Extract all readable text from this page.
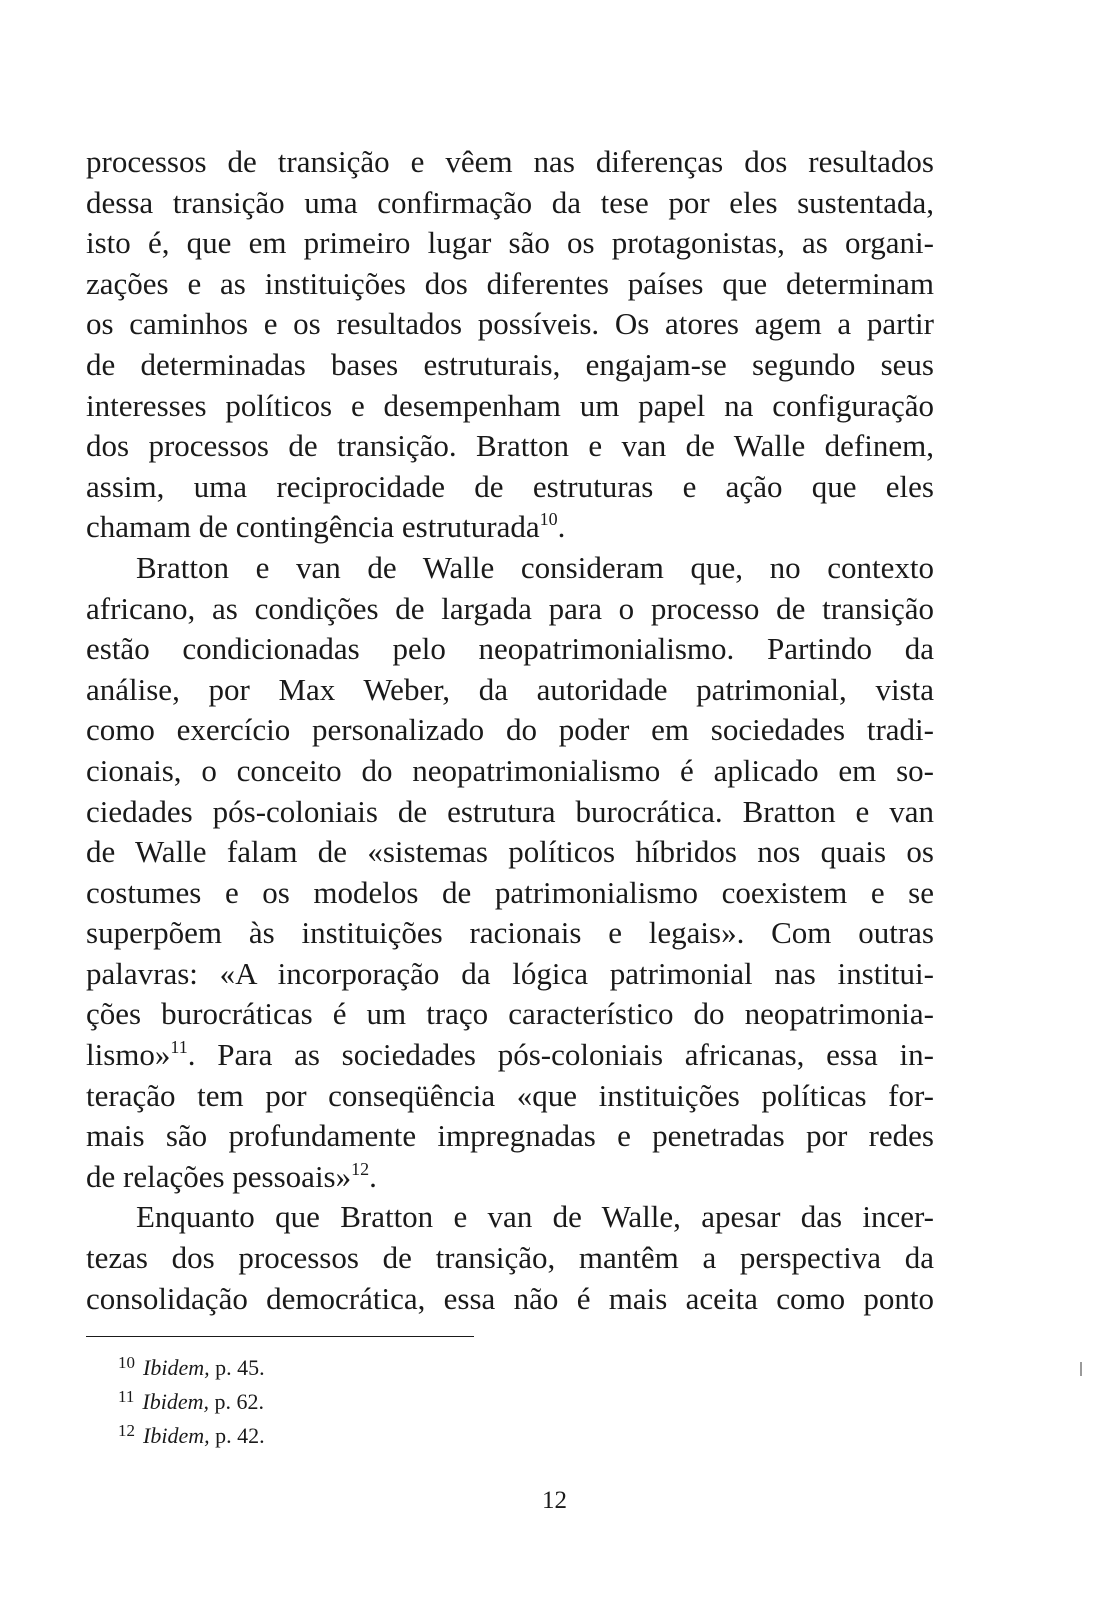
processos de transição e vêem nas diferenças dos resultados
dessa transição uma confirmação da tese por eles sustentada,
isto é, que em primeiro lugar são os protagonistas, as organi-
zações e as instituições dos diferentes países que determinam
os caminhos e os resultados possíveis. Os atores agem a partir
de determinadas bases estruturais, engajam-se segundo seus
interesses políticos e desempenham um papel na configuração
dos processos de transição. Bratton e van de Walle definem,
assim, uma reciprocidade de estruturas e ação que eles
chamam de contingência estruturada$^{10}$.
Bratton e van de Walle consideram que, no contexto
africano, as condições de largada para o processo de transição
estão condicionadas pelo neopatrimonialismo. Partindo da
análise, por Max Weber, da autoridade patrimonial, vista
como exercício personalizado do poder em sociedades tradi-
cionais, o conceito do neopatrimonialismo é aplicado em so-
ciedades pós-coloniais de estrutura burocrática. Bratton e van
de Walle falam de «sistemas políticos híbridos nos quais os
costumes e os modelos de patrimonialismo coexistem e se
superpõem às instituições racionais e legais». Com outras
palavras: «A incorporação da lógica patrimonial nas institui-
ções burocráticas é um traço característico do neopatrimonia-
lismo»$^{11}$. Para as sociedades pós-coloniais africanas, essa in-
teração tem por conseqüência «que instituições políticas for-
mais são profundamente impregnadas e penetradas por redes
de relações pessoais»$^{12}$.
Enquanto que Bratton e van de Walle, apesar das incer-
tezas dos processos de transição, mantêm a perspectiva da
consolidação democrática, essa não é mais aceita como ponto
$^{10}$ Ibidem, p. 45.
$^{11}$ Ibidem, p. 62.
$^{12}$ Ibidem, p. 42.
12
